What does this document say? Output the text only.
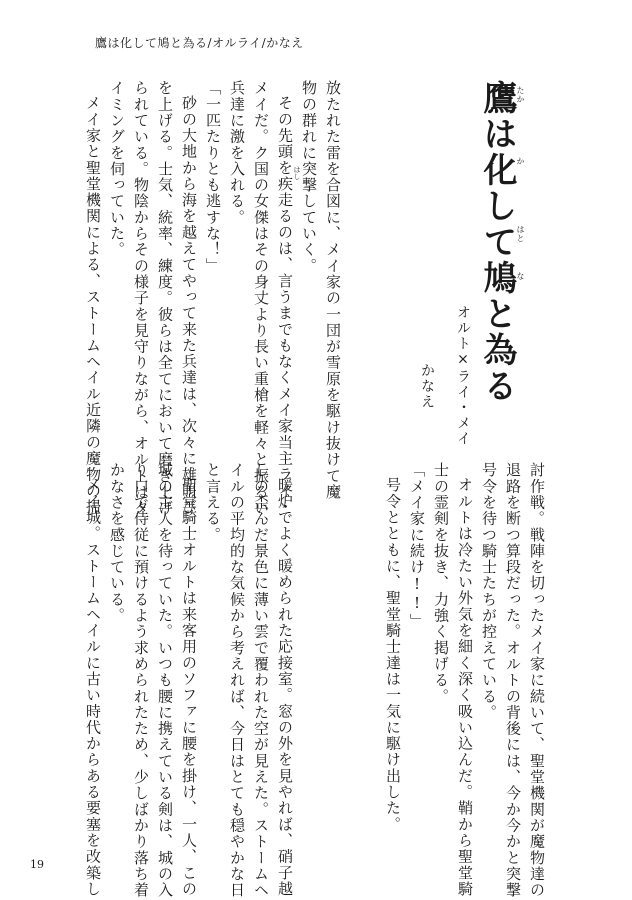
鷹は化して鳩と為る/オルライ/かなえ
鷹は化して鳩と為る たか
か
はと
な
オルト×ライ・メイ
かなえ
放たれた雷を合図に、メイ家の一団が雪原を駆け抜けて魔
物の群れに突撃していく。
その先頭を疾走るのは、言うまでもなくメイ家当主ライ・
メイだ。ク国の女傑はその身丈より長い重槍を軽々と振るい、
兵達に激を入れる。
「一匹たりとも逃すな！」
砂の大地から海を越えてやって来た兵達は、次々に雄叫び
を上げる。士気、統率、練度。彼らは全てにおいて磨き上げ
られている。物陰からその様子を見守りながら、オルトはタ
イミングを伺っていた。
メイ家と聖堂機関による、ストームヘイル近隣の魔物の掃	はし
討作戦。戦陣を切ったメイ家に続いて、聖堂機関が魔物達の
退路を断つ算段だった。オルトの背後には、今か今かと突撃
号令を待つ騎士たちが控えている。
オルトは冷たい外気を細く深く吸い込んだ。鞘から聖堂騎
士の霊剣を抜き、力強く掲げる。
「メイ家に続け!!」
号令とともに、聖堂騎士達は一気に駆け出した。
暖炉でよく暖められた応接室。窓の外を見やれば、硝子越
しの歪んだ景色に薄い雲で覆われた空が見えた。ストームヘ
イルの平均的な気候から考えれば、今日はとても穏やかな日
と言える。
聖堂騎士オルトは来客用のソファに腰を掛け、一人、この
城の主人を待っていた。いつも腰に携えている剣は、城の入
り口で侍従に預けるよう求められたため、少しばかり落ち着
かなさを感じている。
メイ城。ストームヘイルに古い時代からある要塞を改築し
19
